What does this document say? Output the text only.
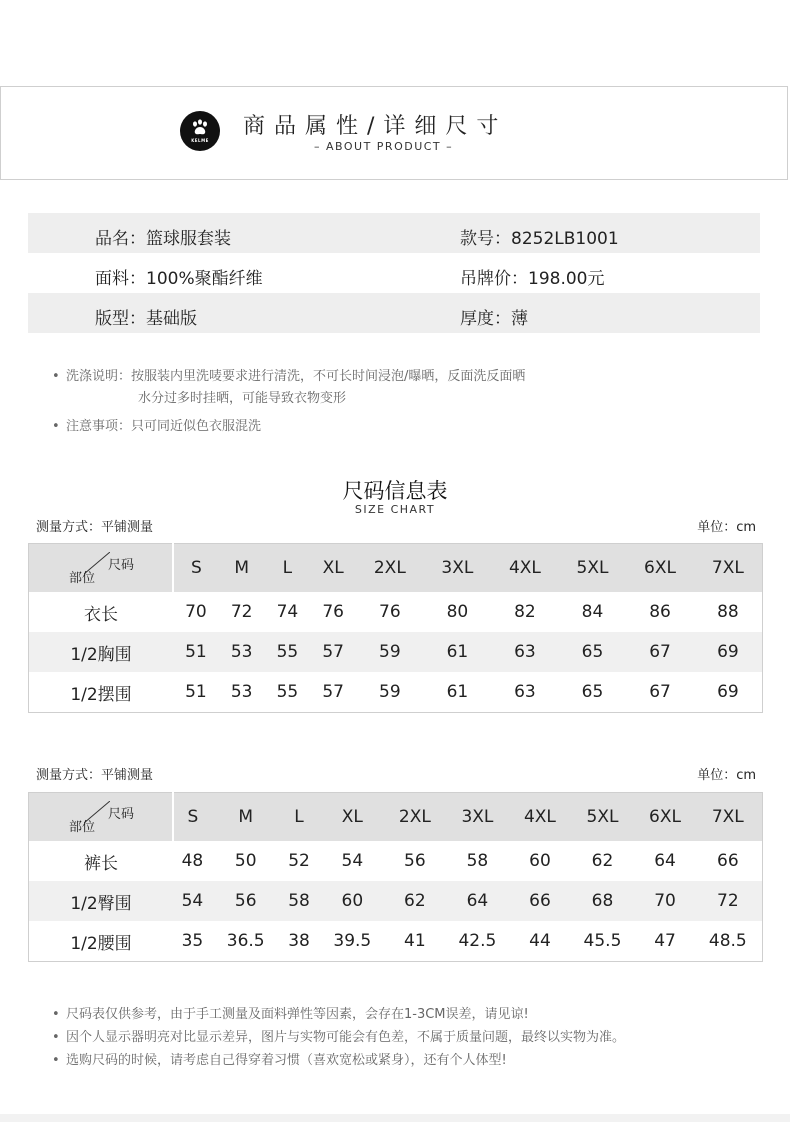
KELME
商品属性/详细尺寸
– ABOUT PRODUCT –
品名：篮球服套装	款号：8252LB1001
面料：100%聚酯纤维	吊牌价：198.00元
版型：基础版	厚度：薄
• 洗涤说明：按服装内里洗唛要求进行清洗，不可长时间浸泡/曝晒，反面洗反面晒
水分过多时挂晒，可能导致衣物变形
• 注意事项：只可同近似色衣服混洗
尺码信息表
SIZE CHART
测量方式：平铺测量	单位：cm
尺码
部位	S	M	L	XL	2XL	3XL	4XL	5XL	6XL	7XL
衣长	70	72	74	76	76	80	82	84	86	88
1/2胸围	51	53	55	57	59	61	63	65	67	69
1/2摆围	51	53	55	57	59	61	63	65	67	69
测量方式：平铺测量	单位：cm
尺码
部位	S	M	L	XL	2XL	3XL	4XL	5XL	6XL	7XL
裤长	48	50	52	54	56	58	60	62	64	66
1/2臀围	54	56	58	60	62	64	66	68	70	72
1/2腰围	35	36.5	38	39.5	41	42.5	44	45.5	47	48.5
• 尺码表仅供参考，由于手工测量及面料弹性等因素，会存在1-3CM误差，请见谅!
• 因个人显示器明亮对比显示差异，图片与实物可能会有色差，不属于质量问题，最终以实物为准。
• 选购尺码的时候，请考虑自己得穿着习惯（喜欢宽松或紧身），还有个人体型!
